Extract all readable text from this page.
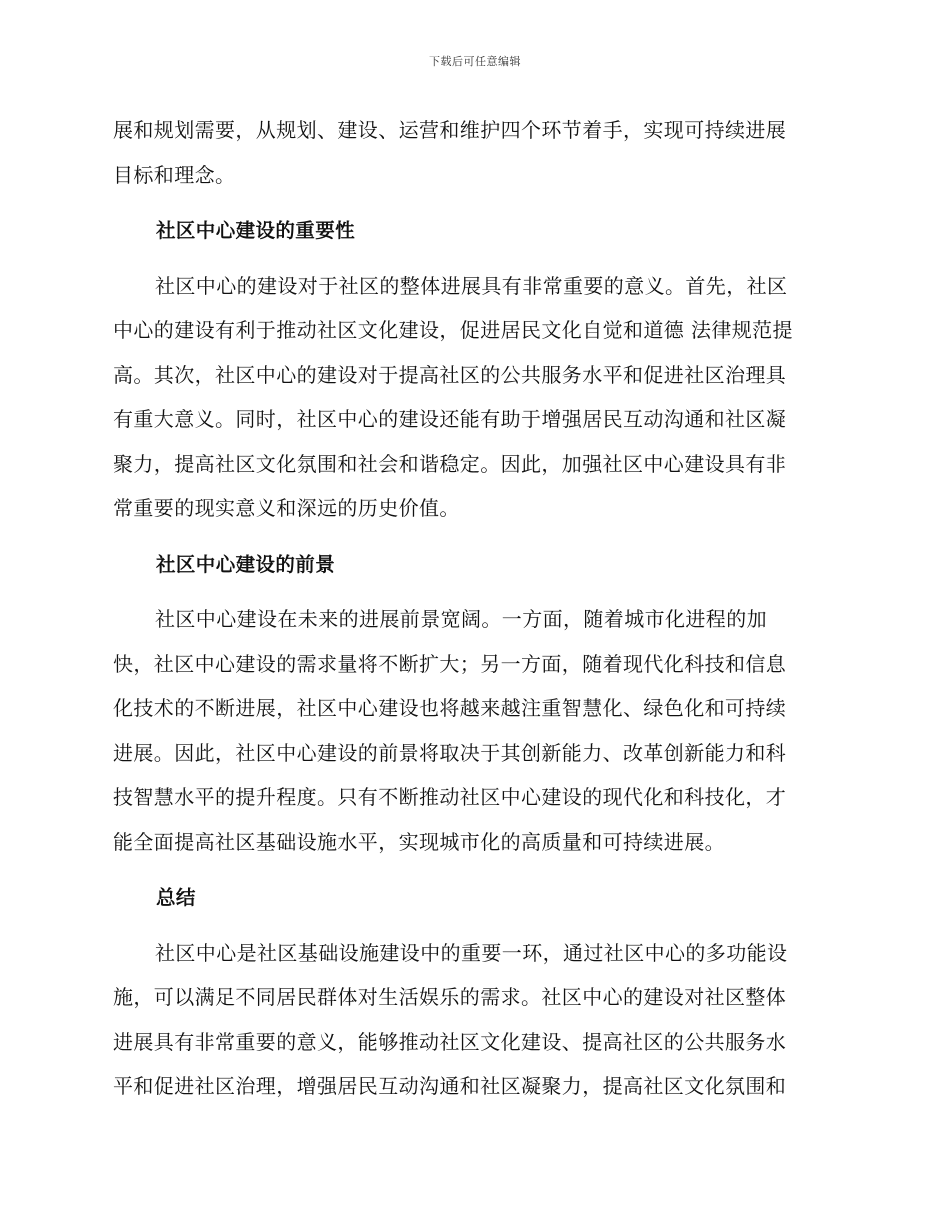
下载后可任意编辑
展和规划需要，从规划、建设、运营和维护四个环节着手，实现可持续进展
目标和理念。
社区中心建设的重要性
社区中心的建设对于社区的整体进展具有非常重要的意义。首先，社区
中心的建设有利于推动社区文化建设，促进居民文化自觉和道德 法律规范提
高。其次，社区中心的建设对于提高社区的公共服务水平和促进社区治理具
有重大意义。同时，社区中心的建设还能有助于增强居民互动沟通和社区凝
聚力，提高社区文化氛围和社会和谐稳定。因此，加强社区中心建设具有非
常重要的现实意义和深远的历史价值。
社区中心建设的前景
社区中心建设在未来的进展前景宽阔。一方面，随着城市化进程的加
快，社区中心建设的需求量将不断扩大；另一方面，随着现代化科技和信息
化技术的不断进展，社区中心建设也将越来越注重智慧化、绿色化和可持续
进展。因此，社区中心建设的前景将取决于其创新能力、改革创新能力和科
技智慧水平的提升程度。只有不断推动社区中心建设的现代化和科技化，才
能全面提高社区基础设施水平，实现城市化的高质量和可持续进展。
总结
社区中心是社区基础设施建设中的重要一环，通过社区中心的多功能设
施，可以满足不同居民群体对生活娱乐的需求。社区中心的建设对社区整体
进展具有非常重要的意义，能够推动社区文化建设、提高社区的公共服务水
平和促进社区治理，增强居民互动沟通和社区凝聚力，提高社区文化氛围和
